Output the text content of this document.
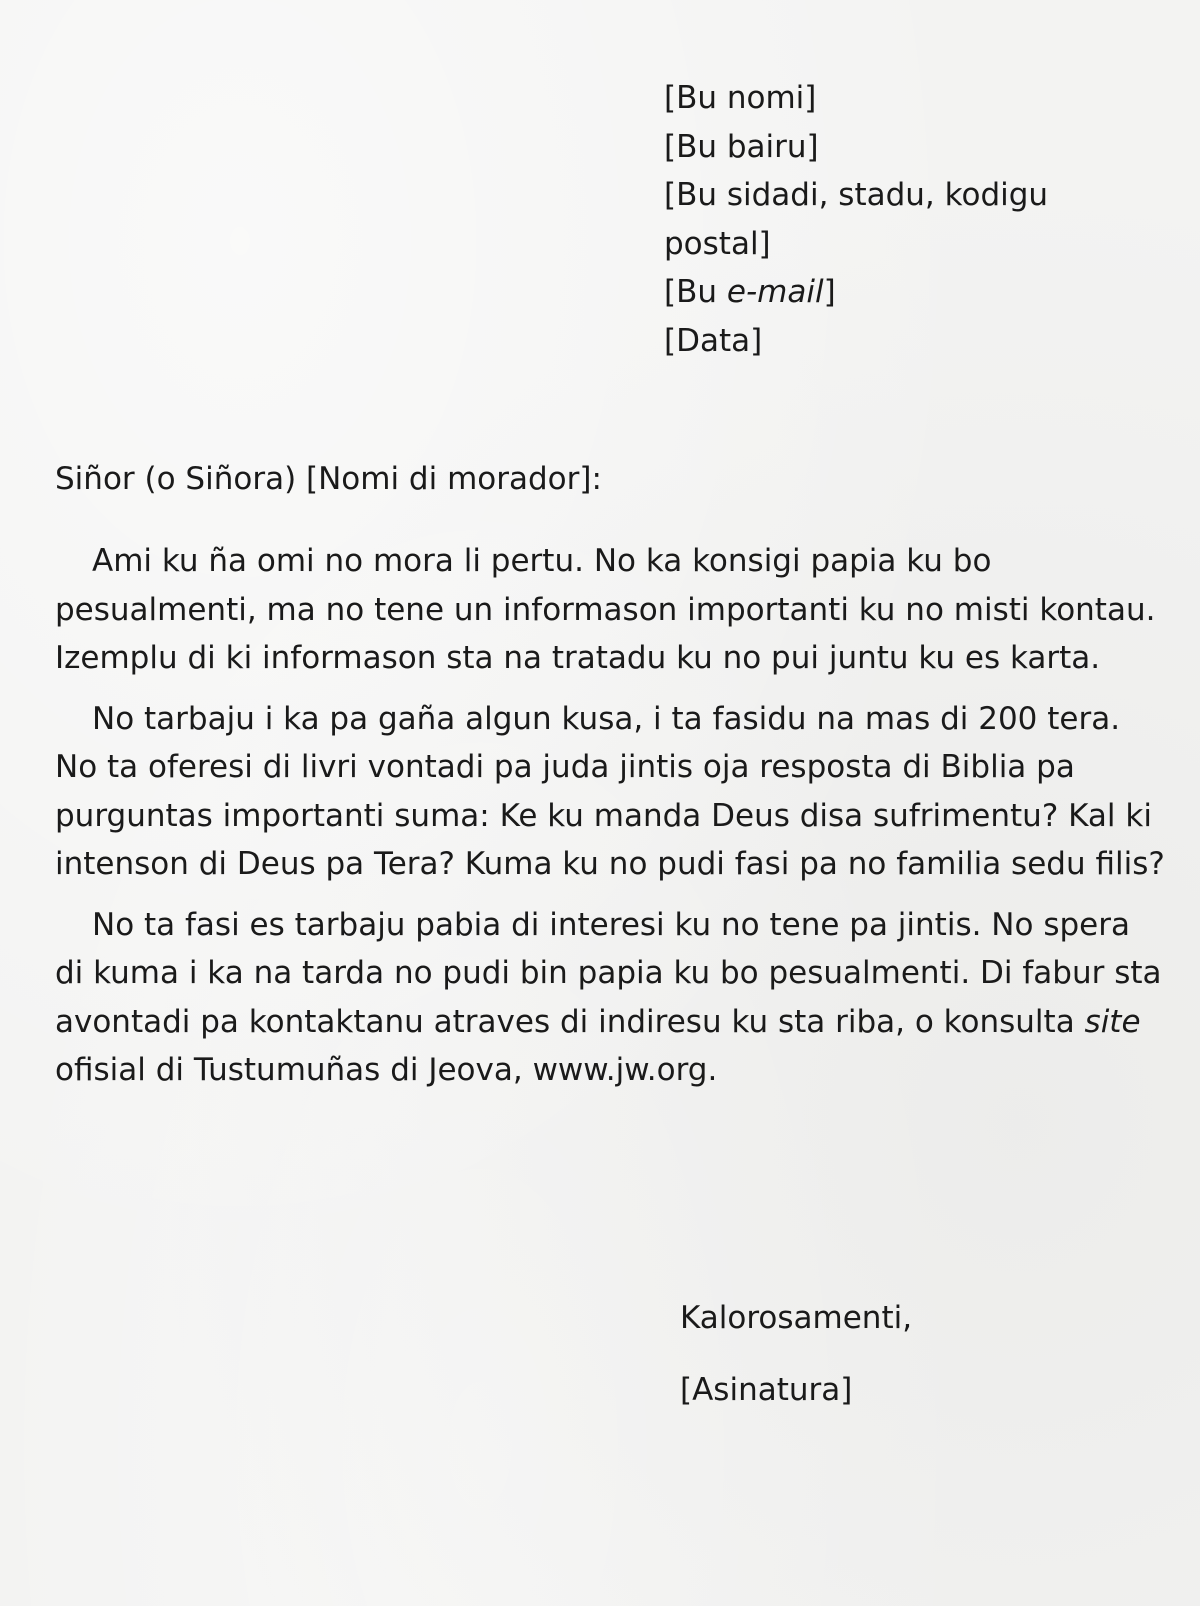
[Bu nomi]
[Bu bairu]
[Bu sidadi, stadu, kodigu
postal]
[Bu e-mail]
[Data]
Siñor (o Siñora) [Nomi di morador]:

Ami ku ña omi no mora li pertu. No ka konsigi papia ku bo pesualmenti, ma no tene un informason importanti ku no misti kontau. Izemplu di ki informason sta na tratadu ku no pui juntu ku es karta.

No tarbaju i ka pa gaña algun kusa, i ta fasidu na mas di 200 tera. No ta oferesi di livri vontadi pa juda jintis oja resposta di Biblia pa purguntas importanti suma: Ke ku manda Deus disa sufrimentu? Kal ki intenson di Deus pa Tera? Kuma ku no pudi fasi pa no familia sedu filis?

No ta fasi es tarbaju pabia di interesi ku no tene pa jintis. No spera di kuma i ka na tarda no pudi bin papia ku bo pesualmenti. Di fabur sta avontadi pa kontaktanu atraves di indiresu ku sta riba, o konsulta site ofisial di Tustumuñas di Jeova, www.jw.org.

Kalorosamenti,
[Asinatura]
